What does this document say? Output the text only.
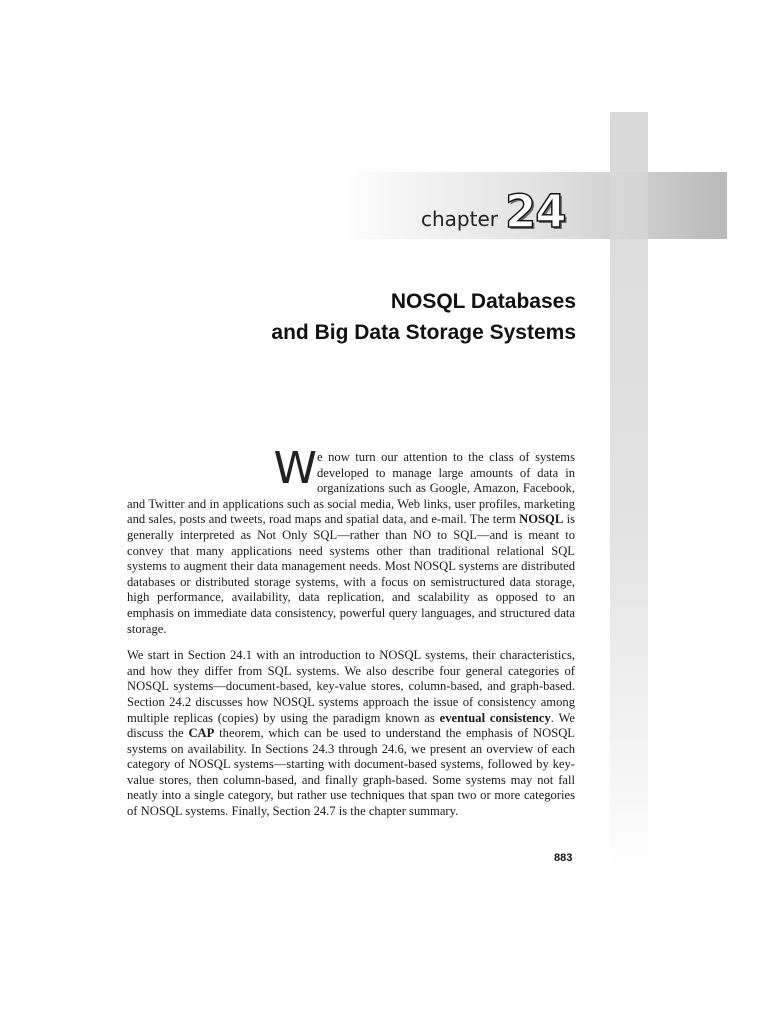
chapter 24
NOSQL Databases
and Big Data Storage Systems

W e now turn our attention to the class of systems developed to manage large amounts of data in organizations such as Google, Amazon, Facebook, and Twitter and in applications such as social media, Web links, user profiles, marketing and sales, posts and tweets, road maps and spatial data, and e-mail. The term NOSQL is generally interpreted as Not Only SQL—rather than NO to SQL—and is meant to convey that many applications need systems other than traditional relational SQL systems to augment their data management needs. Most NOSQL systems are distributed databases or distributed storage systems, with a focus on semistructured data storage, high performance, availability, data replication, and scalability as opposed to an emphasis on immediate data consistency, powerful query languages, and structured data storage.

We start in Section 24.1 with an introduction to NOSQL systems, their characteristics, and how they differ from SQL systems. We also describe four general categories of NOSQL systems—document-based, key-value stores, column-based, and graph-based. Section 24.2 discusses how NOSQL systems approach the issue of consistency among multiple replicas (copies) by using the paradigm known as eventual consistency. We discuss the CAP theorem, which can be used to understand the emphasis of NOSQL systems on availability. In Sections 24.3 through 24.6, we present an overview of each category of NOSQL systems—starting with document-based systems, followed by key-value stores, then column-based, and finally graph-based. Some systems may not fall neatly into a single category, but rather use techniques that span two or more categories of NOSQL systems. Finally, Section 24.7 is the chapter summary.

883
